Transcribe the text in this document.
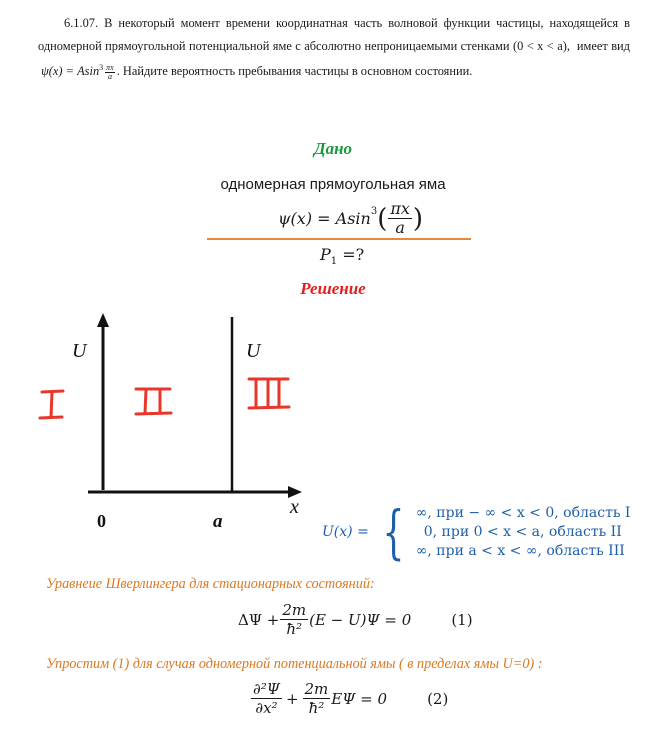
6.1.07. В некоторый момент времени координатная часть волновой функции частицы, находящейся в одномерной прямоугольной потенциальной яме с абсолютно непроницаемыми стенками (0 < x < a), имеет вид  $\psi(x) = Asin^3 \frac{\pi x}{a}$ . Найдите вероятность пребывания частицы в основном состоянии.
Дано
одномерная прямоугольная яма
ψ(x) = Asin$^3$ ( $\frac{\pi x}{a}$ )
$P_1$ =?
Решение
U	U
x
0	a	U(x) = { ∞, при − ∞ < x < 0, область I
0, при 0 < x < a, область II
∞, при a < x < ∞, область III
Уравнеие Шверлингера для стационарных состояний:
$\Delta\Psi + \frac{2m}{\text{ħ²}} (E - U)\Psi = 0$	(1)
Упростим (1) для случая одномерной потенциальной ямы ( в пределах ямы U=0) :
$\frac{\text{∂²Ψ}}{\text{∂x²}} + \frac{2m}{\text{ħ²}}$ EΨ = 0	(2)
